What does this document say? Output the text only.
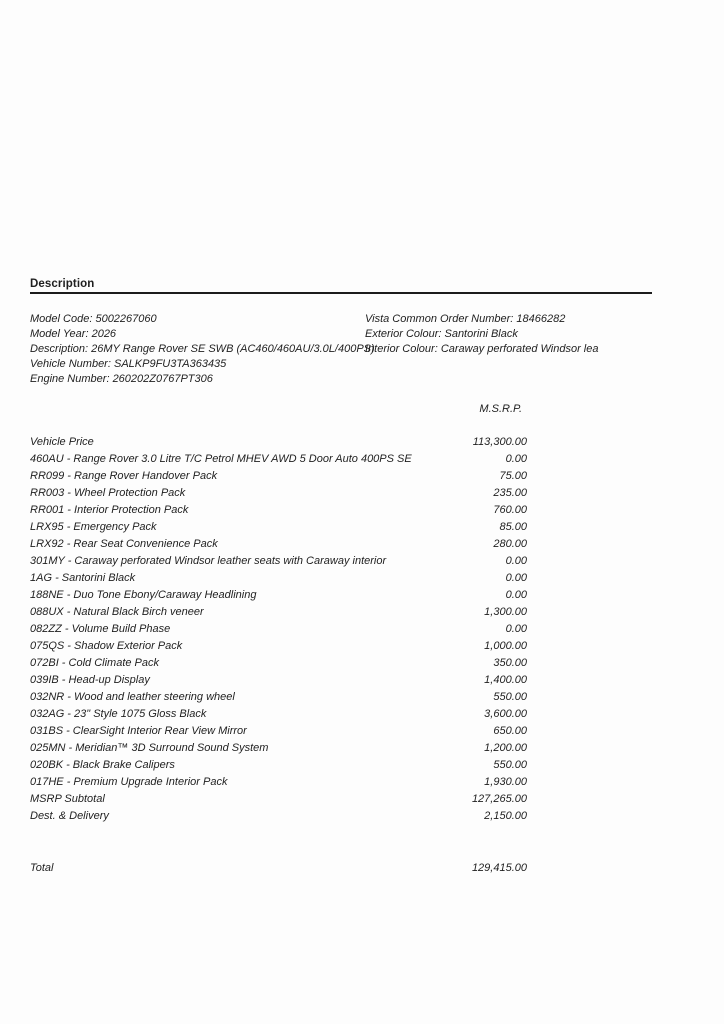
Description
Model Code: 5002267060
Model Year: 2026
Description: 26MY Range Rover SE SWB (AC460/460AU/3.0L/400PS)
Vehicle Number: SALKP9FU3TA363435
Engine Number: 260202Z0767PT306
Vista Common Order Number: 18466282
Exterior Colour: Santorini Black
Interior Colour: Caraway perforated Windsor lea
M.S.R.P.
Vehicle Price	113,300.00
460AU - Range Rover 3.0 Litre T/C Petrol MHEV AWD 5 Door Auto 400PS SE	0.00
RR099 - Range Rover Handover Pack	75.00
RR003 - Wheel Protection Pack	235.00
RR001 - Interior Protection Pack	760.00
LRX95 - Emergency Pack	85.00
LRX92 - Rear Seat Convenience Pack	280.00
301MY - Caraway perforated Windsor leather seats with Caraway interior	0.00
1AG - Santorini Black	0.00
188NE - Duo Tone Ebony/Caraway Headlining	0.00
088UX - Natural Black Birch veneer	1,300.00
082ZZ - Volume Build Phase	0.00
075QS - Shadow Exterior Pack	1,000.00
072BI - Cold Climate Pack	350.00
039IB - Head-up Display	1,400.00
032NR - Wood and leather steering wheel	550.00
032AG - 23" Style 1075 Gloss Black	3,600.00
031BS - ClearSight Interior Rear View Mirror	650.00
025MN - Meridian™ 3D Surround Sound System	1,200.00
020BK - Black Brake Calipers	550.00
017HE - Premium Upgrade Interior Pack	1,930.00
MSRP Subtotal	127,265.00
Dest. & Delivery	2,150.00
Total	129,415.00
